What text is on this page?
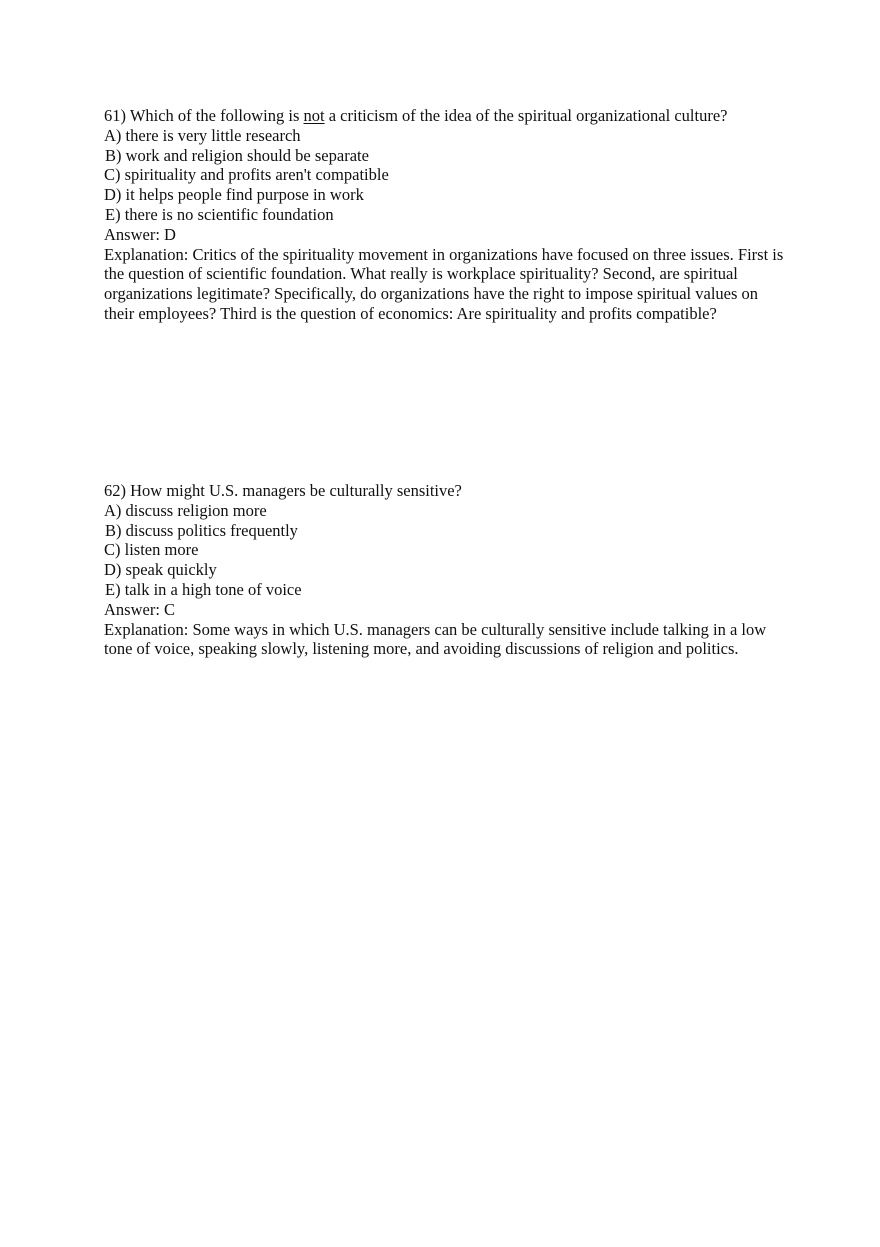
61) Which of the following is not a criticism of the idea of the spiritual organizational culture?
A) there is very little research
B) work and religion should be separate
C) spirituality and profits aren't compatible
D) it helps people find purpose in work
E) there is no scientific foundation
Answer: D
Explanation: Critics of the spirituality movement in organizations have focused on three issues. First is the question of scientific foundation. What really is workplace spirituality? Second, are spiritual organizations legitimate? Specifically, do organizations have the right to impose spiritual values on their employees? Third is the question of economics: Are spirituality and profits compatible?
62) How might U.S. managers be culturally sensitive?
A) discuss religion more
B) discuss politics frequently
C) listen more
D) speak quickly
E) talk in a high tone of voice
Answer: C
Explanation: Some ways in which U.S. managers can be culturally sensitive include talking in a low tone of voice, speaking slowly, listening more, and avoiding discussions of religion and politics.
